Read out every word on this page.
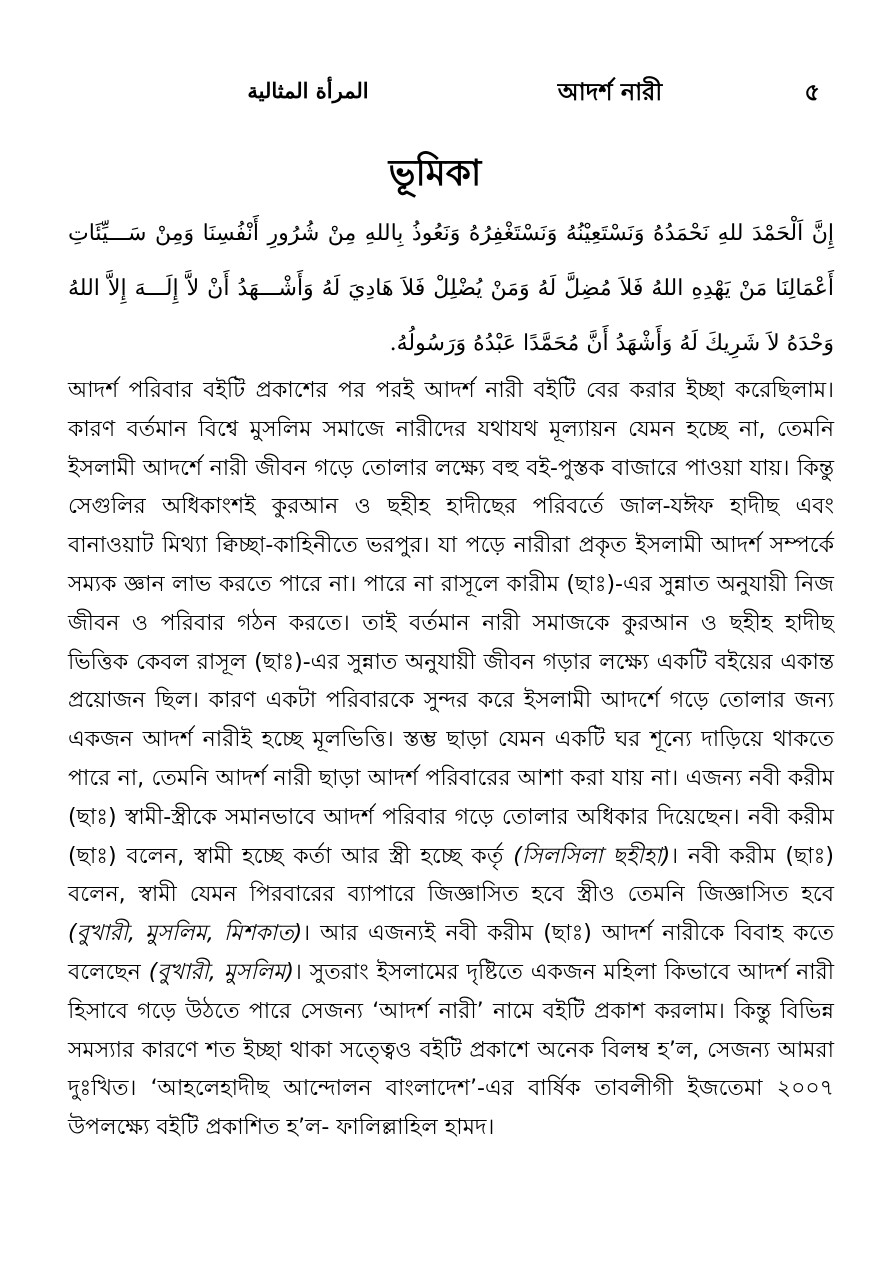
المرأة المثالية	আদর্শ নারী	৫
ভূমিকা
إِنَّ اَلْحَمْدَ للهِ نَحْمَدُهُ وَنَسْتَعِيْنُهُ وَنَسْتَغْفِرُهُ وَنَعُوذُ بِاللهِ مِنْ شُرُورِ أَنْفُسِنَا وَمِنْ سَـــيِّئَاتِ أَعْمَالِنَا مَنْ يَهْدِهِ اللهُ فَلاَ مُضِلَّ لَهُ وَمَنْ يُضْلِلْ فَلاَ هَادِيَ لَهُ وَأَشْـــهَدُ أَنْ لاَّ إِلَـــهَ إِلاَّ اللهُ وَحْدَهُ لاَ شَرِيكَ لَهُ وَأَشْهَدُ أَنَّ مُحَمَّدًا عَبْدُهُ وَرَسُولُهُ.
আদর্শ পরিবার বইটি প্রকাশের পর পরই আদর্শ নারী বইটি বের করার ইচ্ছা করেছিলাম। কারণ বর্তমান বিশ্বে মুসলিম সমাজে নারীদের যথাযথ মূল্যায়ন যেমন হচ্ছে না, তেমনি ইসলামী আদর্শে নারী জীবন গড়ে তোলার লক্ষ্যে বহু বই-পুস্তক বাজারে পাওয়া যায়। কিন্তু সেগুলির অধিকাংশই কুরআন ও ছহীহ হাদীছের পরিবর্তে জাল-যঈফ হাদীছ এবং বানাওয়াট মিথ্যা ক্বিচ্ছা-কাহিনীতে ভরপুর। যা পড়ে নারীরা প্রকৃত ইসলামী আদর্শ সম্পর্কে সম্যক জ্ঞান লাভ করতে পারে না। পারে না রাসূলে কারীম (ছাঃ)-এর সুন্নাত অনুযায়ী নিজ জীবন ও পরিবার গঠন করতে। তাই বর্তমান নারী সমাজকে কুরআন ও ছহীহ হাদীছ ভিত্তিক কেবল রাসূল (ছাঃ)-এর সুন্নাত অনুযায়ী জীবন গড়ার লক্ষ্যে একটি বইয়ের একান্ত প্রয়োজন ছিল। কারণ একটা পরিবারকে সুন্দর করে ইসলামী আদর্শে গড়ে তোলার জন্য একজন আদর্শ নারীই হচ্ছে মূলভিত্তি। স্তম্ভ ছাড়া যেমন একটি ঘর শূন্যে দাড়িয়ে থাকতে পারে না, তেমনি আদর্শ নারী ছাড়া আদর্শ পরিবারের আশা করা যায় না। এজন্য নবী করীম (ছাঃ) স্বামী-স্ত্রীকে সমানভাবে আদর্শ পরিবার গড়ে তোলার অধিকার দিয়েছেন। নবী করীম (ছাঃ) বলেন, স্বামী হচ্ছে কর্তা আর স্ত্রী হচ্ছে কর্তৃ (সিলসিলা ছহীহা)। নবী করীম (ছাঃ) বলেন, স্বামী যেমন পিরবারের ব্যাপারে জিজ্ঞাসিত হবে স্ত্রীও তেমনি জিজ্ঞাসিত হবে (বুখারী, মুসলিম, মিশকাত)। আর এজন্যই নবী করীম (ছাঃ) আদর্শ নারীকে বিবাহ কতে বলেছেন (বুখারী, মুসলিম)। সুতরাং ইসলামের দৃষ্টিতে একজন মহিলা কিভাবে আদর্শ নারী হিসাবে গড়ে উঠতে পারে সেজন্য ‘আদর্শ নারী’ নামে বইটি প্রকাশ করলাম। কিন্তু বিভিন্ন সমস্যার কারণে শত ইচ্ছা থাকা সত্ত্বেও বইটি প্রকাশে অনেক বিলম্ব হ’ল, সেজন্য আমরা দুঃখিত। ‘আহলেহাদীছ আন্দোলন বাংলাদেশ’-এর বার্ষিক তাবলীগী ইজতেমা ২০০৭ উপলক্ষ্যে বইটি প্রকাশিত হ’ল- ফালিল্লাহিল হামদ।
